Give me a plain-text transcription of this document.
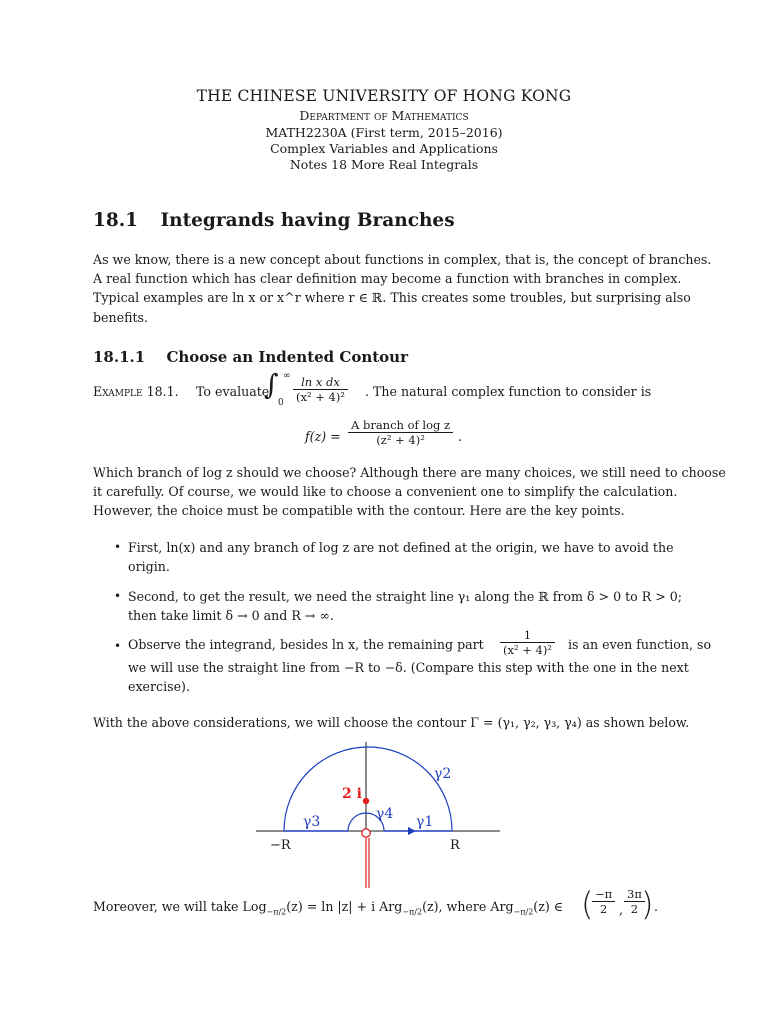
THE CHINESE UNIVERSITY OF HONG KONG
Department of Mathematics
MATH2230A (First term, 2015–2016)
Complex Variables and Applications
Notes 18 More Real Integrals
18.1 Integrands having Branches
As we know, there is a new concept about functions in complex, that is, the concept of branches.
A real function which has clear definition may become a function with branches in complex.
Typical examples are ln x or x^r where r ∈ ℝ. This creates some troubles, but surprising also
benefits.
18.1.1 Choose an Indented Contour
Example 18.1. To evaluate
∫ ∞
$0 \frac{\text{ln x dx}}{\text{(x² + 4)²}}$ . The natural complex function to consider is
f(z) =
A branch of log z
(z² + 4)²	.
Which branch of log z should we choose? Although there are many choices, we still need to choose
it carefully. Of course, we would like to choose a convenient one to simplify the calculation.
However, the choice must be compatible with the contour. Here are the key points.
• First, ln(x) and any branch of log z are not defined at the origin, we have to avoid the
origin.
• Second, to get the result, we need the straight line γ₁ along the ℝ from δ > 0 to R > 0;
then take limit δ → 0 and R → ∞.
• Observe the integrand, besides ln x, the remaining part $\frac{1}{\text{(x² + 4)²}}$ is an even function, so
we will use the straight line from −R to −δ. (Compare this step with the one in the next
exercise).
With the above considerations, we will choose the contour Γ = (γ₁, γ₂, γ₃, γ₄) as shown below.
γ2
γ4
γ3	γ1
2 i
−R	R
Moreover, we will take Log$_{-\pi/2}$(z) = ln |z| + i Arg$_{-\pi/2}$(z), where Arg$_{-\pi/2}$(z) ∈ (
$\frac{-\pi}{2}$ , $\frac{3\pi}{2}$
) .
